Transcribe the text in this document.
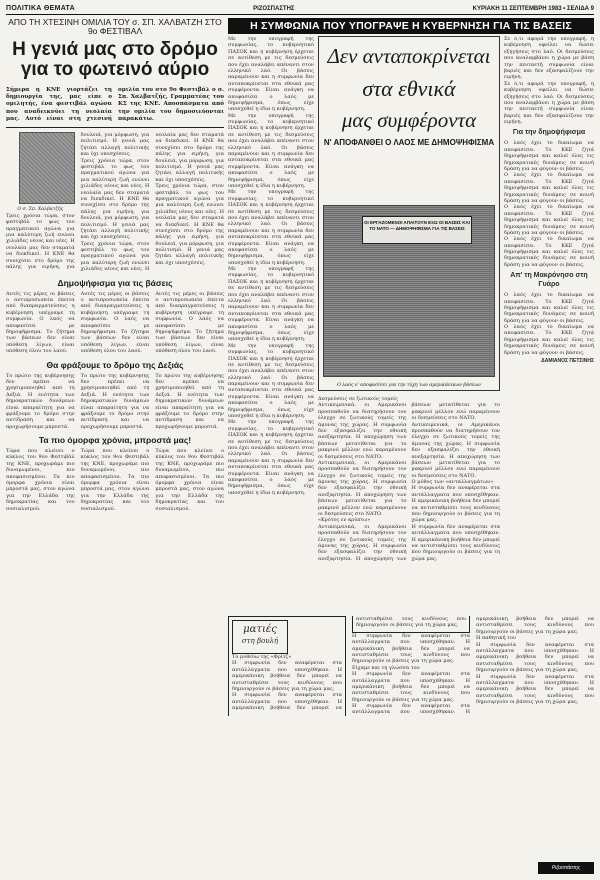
ΠΟΛΙΤΙΚΑ ΘΕΜΑΤΑ	ΡΙΖΟΣΠΑΣΤΗΣ	ΚΥΡΙΑΚΗ 11 ΣΕΠΤΕΜΒΡΗ 1983 • ΣΕΛΙΔΑ 9
ΑΠΟ ΤΗ ΧΤΕΣΙΝΗ ΟΜΙΛΙΑ ΤΟΥ σ. ΣΠ. ΧΑΛΒΑΤΖΗ ΣΤΟ 9ο ΦΕΣΤΙΒΑΛ
Η γενιά μας στο δρόμο για το φωτεινό αύριο
Σήμερα η ΚΝΕ γιορτάζει τη δημιουργία της, μας είπε ο ομιλητής, ένα φεστιβάλ αγώνα που αναδεικνύει τη νεολαία μας. Αυτό είναι στη χτεσινή ομιλία του στο 9ο Φεστιβάλ ο σ. Σπ. Χαλβατζής, Γραμματέας του ΚΣ της ΚΝΕ. Αποσπάσματα από την ομιλία του δημοσιεύονται παρακάτω.
Ο σ. Σπ. Χαλβατζής

Τρεις χρόνια τώρα, στον φεστιβάλ το φως του πραγματικού αγώνα για μια καλύτερη ζωή ενώνει χιλιάδες νέους και νέες. Η νεολαία μας δεν σταματά να διεκδικεί. Η ΚΝΕ θα συνεχίσει στο δρόμο της πάλης για ειρήνη, για δουλειά, για μόρφωση, για πολιτισμό. Η γενιά μας ζητάει αλλαγή πολιτικής και όχι υποσχέσεις.

Τρεις χρόνια τώρα, στον φεστιβάλ το φως του πραγματικού αγώνα για μια καλύτερη ζωή ενώνει χιλιάδες νέους και νέες. Η νεολαία μας δεν σταματά να διεκδικεί. Η ΚΝΕ θα συνεχίσει στο δρόμο της πάλης για ειρήνη, για δουλειά, για μόρφωση, για πολιτισμό. Η γενιά μας ζητάει αλλαγή πολιτικής και όχι υποσχέσεις.

Τρεις χρόνια τώρα, στον φεστιβάλ το φως του πραγματικού αγώνα για μια καλύτερη ζωή ενώνει χιλιάδες νέους και νέες. Η νεολαία μας δεν σταματά να διεκδικεί. Η ΚΝΕ θα συνεχίσει στο δρόμο της πάλης για ειρήνη, για δουλειά, για μόρφωση, για πολιτισμό. Η γενιά μας ζητάει αλλαγή πολιτικής και όχι υποσχέσεις.

Τρεις χρόνια τώρα, στον φεστιβάλ το φως του πραγματικού αγώνα για μια καλύτερη ζωή ενώνει χιλιάδες νέους και νέες. Η νεολαία μας δεν σταματά να διεκδικεί. Η ΚΝΕ θα συνεχίσει στο δρόμο της πάλης για ειρήνη, για δουλειά, για μόρφωση, για πολιτισμό. Η γενιά μας ζητάει αλλαγή πολιτικής και όχι υποσχέσεις.

Δημοψήφισμα για τις βάσεις

Αυτές τις μέρες οι βάσεις ο αντιπροσωπεία έπειτα από διαπραγματεύσεις η κυβέρνηση υπέγραψε τη συμφωνία. Ο λαός να αποφασίσει με δημοψήφισμα. Το ζήτημα των βάσεων δεν είναι υπόθεση λίγων, είναι υπόθεση όλου του λαού.

Αυτές τις μέρες οι βάσεις ο αντιπροσωπεία έπειτα από διαπραγματεύσεις η κυβέρνηση υπέγραψε τη συμφωνία. Ο λαός να αποφασίσει με δημοψήφισμα. Το ζήτημα των βάσεων δεν είναι υπόθεση λίγων, είναι υπόθεση όλου του λαού.

Αυτές τις μέρες οι βάσεις ο αντιπροσωπεία έπειτα από διαπραγματεύσεις η κυβέρνηση υπέγραψε τη συμφωνία. Ο λαός να αποφασίσει με δημοψήφισμα. Το ζήτημα των βάσεων δεν είναι υπόθεση λίγων, είναι υπόθεση όλου του λαού.

Θα φράξουμε το δρόμο της Δεξιάς

Το πρώτο της κυβέρνησης δεν πρέπει να χρησιμοποιηθεί από τη Δεξιά. Η ενότητα των δημοκρατικών δυνάμεων είναι απαραίτητη για να φράξουμε το δρόμο στην αντίδραση και να προχωρήσουμε μπροστά.

Το πρώτο της κυβέρνησης δεν πρέπει να χρησιμοποιηθεί από τη Δεξιά. Η ενότητα των δημοκρατικών δυνάμεων είναι απαραίτητη για να φράξουμε το δρόμο στην αντίδραση και να προχωρήσουμε μπροστά.

Το πρώτο της κυβέρνησης δεν πρέπει να χρησιμοποιηθεί από τη Δεξιά. Η ενότητα των δημοκρατικών δυνάμεων είναι απαραίτητη για να φράξουμε το δρόμο στην αντίδραση και να προχωρήσουμε μπροστά.

Τα πιο όμορφα χρόνια, μπροστά μας!

Τώρα που κλείνει ο κύκλος του 9ου Φεστιβάλ της ΚΝΕ, προχωράμε πιο δυναμωμένοι, πιο αποφασισμένοι. Τα πιο όμορφα χρόνια είναι μπροστά μας, στον αγώνα για την Ελλάδα της δημοκρατίας και του σοσιαλισμού.

Τώρα που κλείνει ο κύκλος του 9ου Φεστιβάλ της ΚΝΕ, προχωράμε πιο δυναμωμένοι, πιο αποφασισμένοι. Τα πιο όμορφα χρόνια είναι μπροστά μας, στον αγώνα για την Ελλάδα της δημοκρατίας και του σοσιαλισμού.

Τώρα που κλείνει ο κύκλος του 9ου Φεστιβάλ της ΚΝΕ, προχωράμε πιο δυναμωμένοι, πιο αποφασισμένοι. Τα πιο όμορφα χρόνια είναι μπροστά μας, στον αγώνα για την Ελλάδα της δημοκρατίας και του σοσιαλισμού.

Η ΣΥΜΦΩΝΙΑ ΠΟΥ ΥΠΟΓΡΑΨΕ Η ΚΥΒΕΡΝΗΣΗ ΓΙΑ ΤΙΣ ΒΑΣΕΙΣ

Με την υπογραφή της συμφωνίας, το κυβερνητικό ΠΑΣΟΚ και η κυβέρνηση έρχεται σε αντίθεση με τις δεσμεύσεις που έχει αναλάβει απέναντι στον ελληνικό λαό. Οι βάσεις παραμένουν και η συμφωνία δεν ανταποκρίνεται στα εθνικά μας συμφέροντα. Είναι ανάγκη να αποφασίσει ο λαός με δημοψήφισμα, όπως είχε υποσχεθεί η ίδια η κυβέρνηση.

Με την υπογραφή της συμφωνίας, το κυβερνητικό ΠΑΣΟΚ και η κυβέρνηση έρχεται σε αντίθεση με τις δεσμεύσεις που έχει αναλάβει απέναντι στον ελληνικό λαό. Οι βάσεις παραμένουν και η συμφωνία δεν ανταποκρίνεται στα εθνικά μας συμφέροντα. Είναι ανάγκη να αποφασίσει ο λαός με δημοψήφισμα, όπως είχε υποσχεθεί η ίδια η κυβέρνηση.

Με την υπογραφή της συμφωνίας, το κυβερνητικό ΠΑΣΟΚ και η κυβέρνηση έρχεται σε αντίθεση με τις δεσμεύσεις που έχει αναλάβει απέναντι στον ελληνικό λαό. Οι βάσεις παραμένουν και η συμφωνία δεν ανταποκρίνεται στα εθνικά μας συμφέροντα. Είναι ανάγκη να αποφασίσει ο λαός με δημοψήφισμα, όπως είχε υποσχεθεί η ίδια η κυβέρνηση.

Με την υπογραφή της συμφωνίας, το κυβερνητικό ΠΑΣΟΚ και η κυβέρνηση έρχεται σε αντίθεση με τις δεσμεύσεις που έχει αναλάβει απέναντι στον ελληνικό λαό. Οι βάσεις παραμένουν και η συμφωνία δεν ανταποκρίνεται στα εθνικά μας συμφέροντα. Είναι ανάγκη να αποφασίσει ο λαός με δημοψήφισμα, όπως είχε υποσχεθεί η ίδια η κυβέρνηση.

Με την υπογραφή της συμφωνίας, το κυβερνητικό ΠΑΣΟΚ και η κυβέρνηση έρχεται σε αντίθεση με τις δεσμεύσεις που έχει αναλάβει απέναντι στον ελληνικό λαό. Οι βάσεις παραμένουν και η συμφωνία δεν ανταποκρίνεται στα εθνικά μας συμφέροντα. Είναι ανάγκη να αποφασίσει ο λαός με δημοψήφισμα, όπως είχε υποσχεθεί η ίδια η κυβέρνηση.

Με την υπογραφή της συμφωνίας, το κυβερνητικό ΠΑΣΟΚ και η κυβέρνηση έρχεται σε αντίθεση με τις δεσμεύσεις που έχει αναλάβει απέναντι στον ελληνικό λαό. Οι βάσεις παραμένουν και η συμφωνία δεν ανταποκρίνεται στα εθνικά μας συμφέροντα. Είναι ανάγκη να αποφασίσει ο λαός με δημοψήφισμα, όπως είχε υποσχεθεί η ίδια η κυβέρνηση.

Δεν ανταποκρίνεται
στα εθνικά
μας συμφέροντα
Ν' ΑΠΟΦΑΝΘΕΙ Ο ΛΑΟΣ ΜΕ ΔΗΜΟΨΗΦΙΣΜΑ
ΟΙ ΕΡΓΑΖΟΜΕΝΟΙ ΑΠΑΙΤΟΥΝ ΕΞΩ ΟΙ ΒΑΣΕΙΣ ΚΑΙ ΤΟ ΝΑΤΟ — ΔΗΜΟΨΗΦΙΣΜΑ ΓΙΑ ΤΙΣ ΒΑΣΕΙΣ
Ο λαός ν' αποφασίσει για την τύχη των αμερικάνικων βάσεων

Σε ό,τι αφορά την υπογραφή, η κυβέρνηση οφείλει να δώσει εξηγήσεις στο λαό. Οι δεσμεύσεις που αναλαμβάνει η χώρα με βάση την πενταετή συμφωνία είναι βαριές και δεν εξασφαλίζουν την ειρήνη.

Σε ό,τι αφορά την υπογραφή, η κυβέρνηση οφείλει να δώσει εξηγήσεις στο λαό. Οι δεσμεύσεις που αναλαμβάνει η χώρα με βάση την πενταετή συμφωνία είναι βαριές και δεν εξασφαλίζουν την ειρήνη.

Για την δημοψήφισμα

Ο λαός έχει το δικαίωμα να αποφασίσει. Το ΚΚΕ ζητά δημοψήφισμα και καλεί όλες τις δημοκρατικές δυνάμεις σε κοινή δράση για να φύγουν οι βάσεις.

Ο λαός έχει το δικαίωμα να αποφασίσει. Το ΚΚΕ ζητά δημοψήφισμα και καλεί όλες τις δημοκρατικές δυνάμεις σε κοινή δράση για να φύγουν οι βάσεις.

Ο λαός έχει το δικαίωμα να αποφασίσει. Το ΚΚΕ ζητά δημοψήφισμα και καλεί όλες τις δημοκρατικές δυνάμεις σε κοινή δράση για να φύγουν οι βάσεις.

Ο λαός έχει το δικαίωμα να αποφασίσει. Το ΚΚΕ ζητά δημοψήφισμα και καλεί όλες τις δημοκρατικές δυνάμεις σε κοινή δράση για να φύγουν οι βάσεις.

Απ' τη Μακρόνησο στη Γυάρο

Ο λαός έχει το δικαίωμα να αποφασίσει. Το ΚΚΕ ζητά δημοψήφισμα και καλεί όλες τις δημοκρατικές δυνάμεις σε κοινή δράση για να φύγουν οι βάσεις.

Ο λαός έχει το δικαίωμα να αποφασίσει. Το ΚΚΕ ζητά δημοψήφισμα και καλεί όλες τις δημοκρατικές δυνάμεις σε κοινή δράση για να φύγουν οι βάσεις.

ΔΑΜΙΑΝΟΣ ΠΕΤΣΙΝΗΣ
Δεσμεύσεις σε ζωτικούς τομείς

Αντικειμενικά, οι Αμερικάνοι προσπαθούν να διατηρήσουν τον έλεγχο σε ζωτικούς τομείς της άμυνας της χώρας. Η συμφωνία δεν εξασφαλίζει την εθνική ανεξαρτησία. Η αποχώρηση των βάσεων μετατίθεται για το μακρινό μέλλον ενώ παραμένουν οι δεσμεύσεις στο ΝΑΤΟ.

Αντικειμενικά, οι Αμερικάνοι προσπαθούν να διατηρήσουν τον έλεγχο σε ζωτικούς τομείς της άμυνας της χώρας. Η συμφωνία δεν εξασφαλίζει την εθνική ανεξαρτησία. Η αποχώρηση των βάσεων μετατίθεται για το μακρινό μέλλον ενώ παραμένουν οι δεσμεύσεις στο ΝΑΤΟ.

«Κρότος εν κρύπτω»

Αντικειμενικά, οι Αμερικάνοι προσπαθούν να διατηρήσουν τον έλεγχο σε ζωτικούς τομείς της άμυνας της χώρας. Η συμφωνία δεν εξασφαλίζει την εθνική ανεξαρτησία. Η αποχώρηση των βάσεων μετατίθεται για το μακρινό μέλλον ενώ παραμένουν οι δεσμεύσεις στο ΝΑΤΟ.

Αντικειμενικά, οι Αμερικάνοι προσπαθούν να διατηρήσουν τον έλεγχο σε ζωτικούς τομείς της άμυνας της χώρας. Η συμφωνία δεν εξασφαλίζει την εθνική ανεξαρτησία. Η αποχώρηση των βάσεων μετατίθεται για το μακρινό μέλλον ενώ παραμένουν οι δεσμεύσεις στο ΝΑΤΟ.

Ο μύθος των «ανταλλαγμάτων»

Η συμφωνία δεν αναφέρεται στα αντάλλαγματα που υποσχέθηκαν. Η αμερικάνικη βοήθεια δεν μπορεί να αντισταθμίσει τους κινδύνους που δημιουργούν οι βάσεις για τη χώρα μας.

Η συμφωνία δεν αναφέρεται στα αντάλλαγματα που υποσχέθηκαν. Η αμερικάνικη βοήθεια δεν μπορεί να αντισταθμίσει τους κινδύνους που δημιουργούν οι βάσεις για τη χώρα μας.

ματιές
στη βουλή
Το μυθεύω της «Φρίτζ»

Η συμφωνία δεν αναφέρεται στα αντάλλαγματα που υποσχέθηκαν. Η αμερικάνικη βοήθεια δεν μπορεί να αντισταθμίσει τους κινδύνους που δημιουργούν οι βάσεις για τη χώρα μας.

Η συμφωνία δεν αναφέρεται στα αντάλλαγματα που υποσχέθηκαν. Η αμερικάνικη βοήθεια δεν μπορεί να αντισταθμίσει τους κινδύνους που δημιουργούν οι βάσεις για τη χώρα μας.

Η συμφωνία δεν αναφέρεται στα αντάλλαγματα που υποσχέθηκαν. Η αμερικάνικη βοήθεια δεν μπορεί να αντισταθμίσει τους κινδύνους που δημιουργούν οι βάσεις για τη χώρα μας.

Είχαμε και τη γλώσσα του

Η συμφωνία δεν αναφέρεται στα αντάλλαγματα που υποσχέθηκαν. Η αμερικάνικη βοήθεια δεν μπορεί να αντισταθμίσει τους κινδύνους που δημιουργούν οι βάσεις για τη χώρα μας.

Η συμφωνία δεν αναφέρεται στα αντάλλαγματα που υποσχέθηκαν. Η αμερικάνικη βοήθεια δεν μπορεί να αντισταθμίσει τους κινδύνους που δημιουργούν οι βάσεις για τη χώρα μας.

Η παθητική του

Η συμφωνία δεν αναφέρεται στα αντάλλαγματα που υποσχέθηκαν. Η αμερικάνικη βοήθεια δεν μπορεί να αντισταθμίσει τους κινδύνους που δημιουργούν οι βάσεις για τη χώρα μας.

Η συμφωνία δεν αναφέρεται στα αντάλλαγματα που υποσχέθηκαν. Η αμερικάνικη βοήθεια δεν μπορεί να αντισταθμίσει τους κινδύνους που δημιουργούν οι βάσεις για τη χώρα μας.

Ριζοσπάστης
